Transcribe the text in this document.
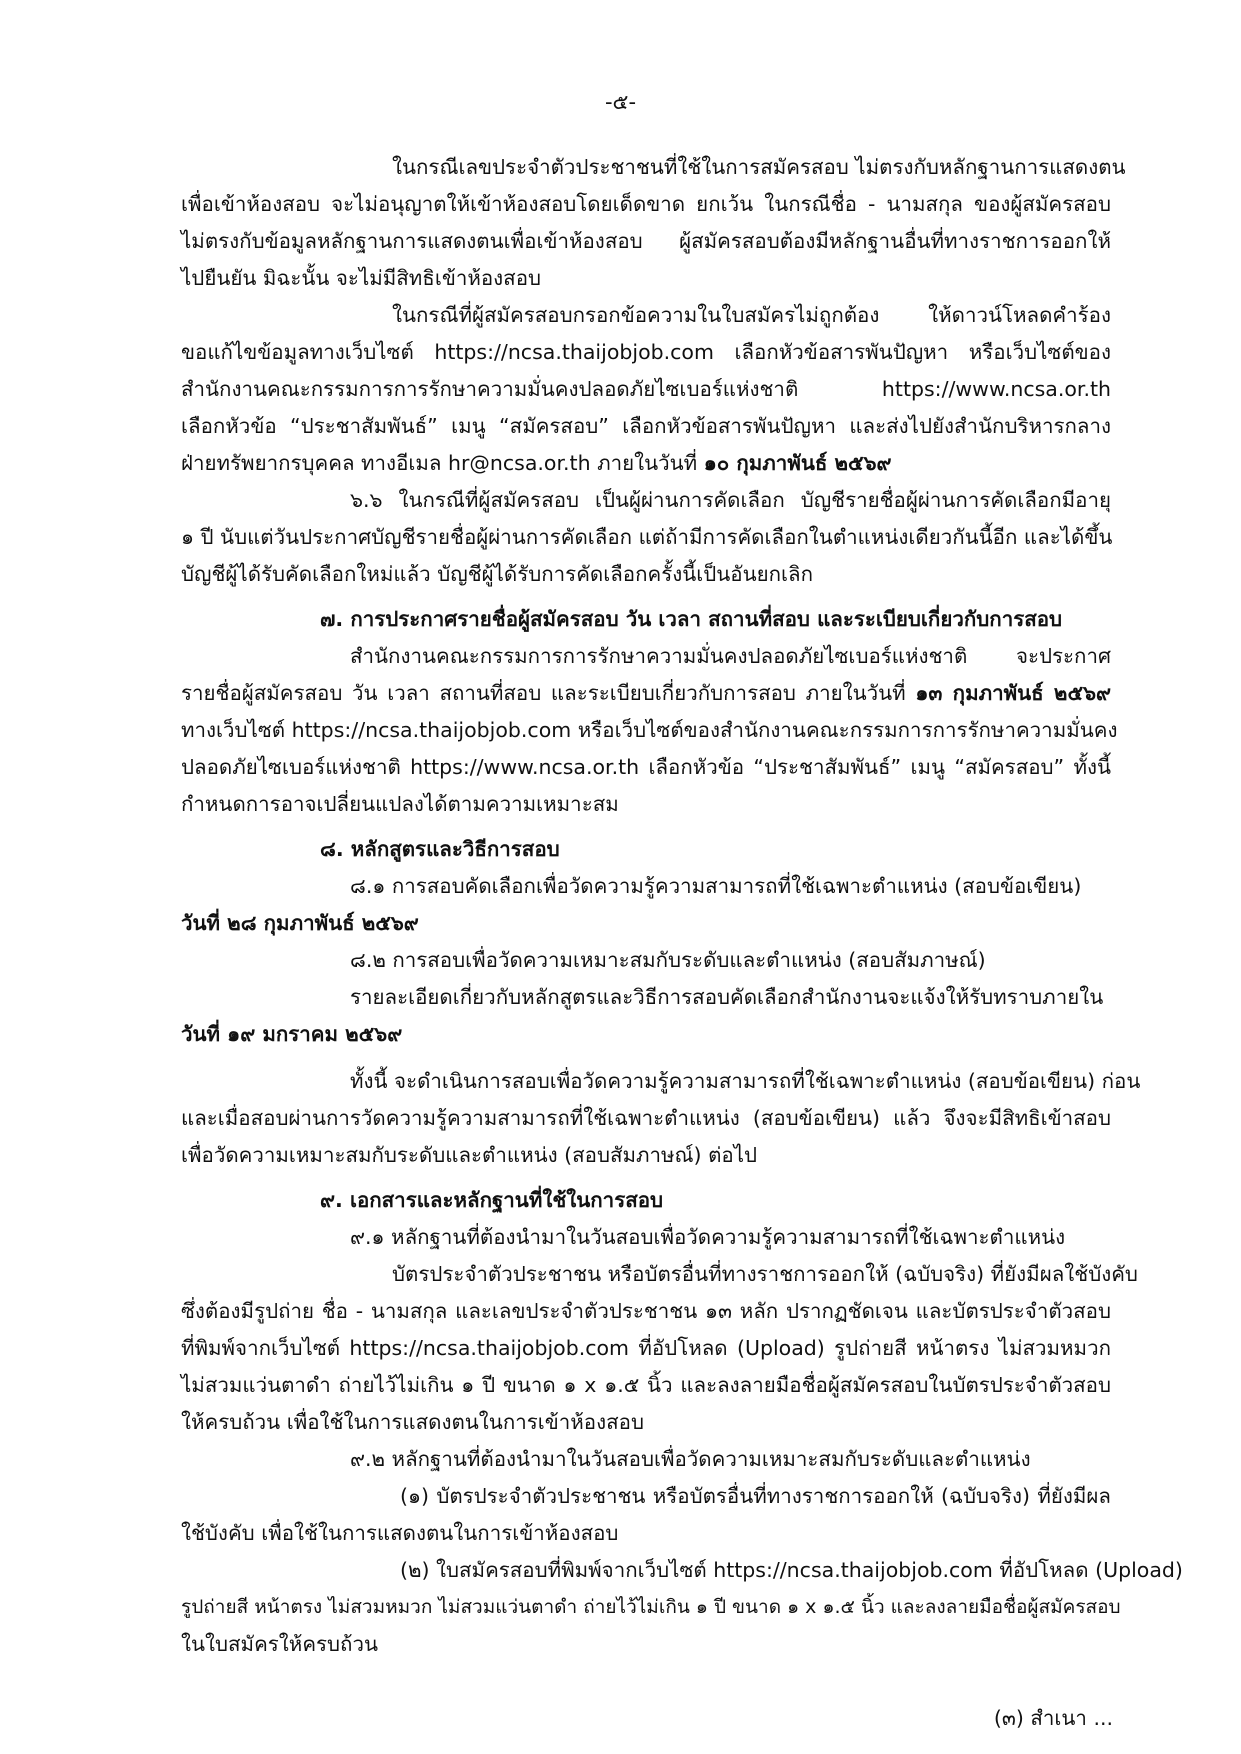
-๕-
ในกรณีเลขประจำตัวประชาชนที่ใช้ในการสมัครสอบ ไม่ตรงกับหลักฐานการแสดงตน
เพื่อเข้าห้องสอบ จะไม่อนุญาตให้เข้าห้องสอบโดยเด็ดขาด ยกเว้น ในกรณีชื่อ - นามสกุล ของผู้สมัครสอบ
ไม่ตรงกับข้อมูลหลักฐานการแสดงตนเพื่อเข้าห้องสอบ ผู้สมัครสอบต้องมีหลักฐานอื่นที่ทางราชการออกให้
ไปยืนยัน มิฉะนั้น จะไม่มีสิทธิเข้าห้องสอบ
ในกรณีที่ผู้สมัครสอบกรอกข้อความในใบสมัครไม่ถูกต้อง ให้ดาวน์โหลดคำร้อง
ขอแก้ไขข้อมูลทางเว็บไซต์ https://ncsa.thaijobjob.com เลือกหัวข้อสารพันปัญหา หรือเว็บไซต์ของ
สำนักงานคณะกรรมการการรักษาความมั่นคงปลอดภัยไซเบอร์แห่งชาติ https://www.ncsa.or.th
เลือกหัวข้อ “ประชาสัมพันธ์” เมนู “สมัครสอบ” เลือกหัวข้อสารพันปัญหา และส่งไปยังสำนักบริหารกลาง
ฝ่ายทรัพยากรบุคคล ทางอีเมล hr@ncsa.or.th ภายในวันที่ ๑๐ กุมภาพันธ์ ๒๕๖๙
๖.๖ ในกรณีที่ผู้สมัครสอบ เป็นผู้ผ่านการคัดเลือก บัญชีรายชื่อผู้ผ่านการคัดเลือกมีอายุ
๑ ปี นับแต่วันประกาศบัญชีรายชื่อผู้ผ่านการคัดเลือก แต่ถ้ามีการคัดเลือกในตำแหน่งเดียวกันนี้อีก และได้ขึ้น
บัญชีผู้ได้รับคัดเลือกใหม่แล้ว บัญชีผู้ได้รับการคัดเลือกครั้งนี้เป็นอันยกเลิก
๗. การประกาศรายชื่อผู้สมัครสอบ วัน เวลา สถานที่สอบ และระเบียบเกี่ยวกับการสอบ
สำนักงานคณะกรรมการการรักษาความมั่นคงปลอดภัยไซเบอร์แห่งชาติ จะประกาศ
รายชื่อผู้สมัครสอบ วัน เวลา สถานที่สอบ และระเบียบเกี่ยวกับการสอบ ภายในวันที่ ๑๓ กุมภาพันธ์ ๒๕๖๙
ทางเว็บไซต์ https://ncsa.thaijobjob.com หรือเว็บไซต์ของสำนักงานคณะกรรมการการรักษาความมั่นคง
ปลอดภัยไซเบอร์แห่งชาติ https://www.ncsa.or.th เลือกหัวข้อ “ประชาสัมพันธ์” เมนู “สมัครสอบ” ทั้งนี้
กำหนดการอาจเปลี่ยนแปลงได้ตามความเหมาะสม
๘. หลักสูตรและวิธีการสอบ
๘.๑ การสอบคัดเลือกเพื่อวัดความรู้ความสามารถที่ใช้เฉพาะตำแหน่ง (สอบข้อเขียน)
วันที่ ๒๘ กุมภาพันธ์ ๒๕๖๙
๘.๒ การสอบเพื่อวัดความเหมาะสมกับระดับและตำแหน่ง (สอบสัมภาษณ์)
รายละเอียดเกี่ยวกับหลักสูตรและวิธีการสอบคัดเลือกสำนักงานจะแจ้งให้รับทราบภายใน
วันที่ ๑๙ มกราคม ๒๕๖๙
ทั้งนี้ จะดำเนินการสอบเพื่อวัดความรู้ความสามารถที่ใช้เฉพาะตำแหน่ง (สอบข้อเขียน) ก่อน
และเมื่อสอบผ่านการวัดความรู้ความสามารถที่ใช้เฉพาะตำแหน่ง (สอบข้อเขียน) แล้ว จึงจะมีสิทธิเข้าสอบ
เพื่อวัดความเหมาะสมกับระดับและตำแหน่ง (สอบสัมภาษณ์) ต่อไป
๙. เอกสารและหลักฐานที่ใช้ในการสอบ
๙.๑ หลักฐานที่ต้องนำมาในวันสอบเพื่อวัดความรู้ความสามารถที่ใช้เฉพาะตำแหน่ง
บัตรประจำตัวประชาชน หรือบัตรอื่นที่ทางราชการออกให้ (ฉบับจริง) ที่ยังมีผลใช้บังคับ
ซึ่งต้องมีรูปถ่าย ชื่อ - นามสกุล และเลขประจำตัวประชาชน ๑๓ หลัก ปรากฏชัดเจน และบัตรประจำตัวสอบ
ที่พิมพ์จากเว็บไซต์ https://ncsa.thaijobjob.com ที่อัปโหลด (Upload) รูปถ่ายสี หน้าตรง ไม่สวมหมวก
ไม่สวมแว่นตาดำ ถ่ายไว้ไม่เกิน ๑ ปี ขนาด ๑ x ๑.๕ นิ้ว และลงลายมือชื่อผู้สมัครสอบในบัตรประจำตัวสอบ
ให้ครบถ้วน เพื่อใช้ในการแสดงตนในการเข้าห้องสอบ
๙.๒ หลักฐานที่ต้องนำมาในวันสอบเพื่อวัดความเหมาะสมกับระดับและตำแหน่ง
(๑) บัตรประจำตัวประชาชน หรือบัตรอื่นที่ทางราชการออกให้ (ฉบับจริง) ที่ยังมีผล
ใช้บังคับ เพื่อใช้ในการแสดงตนในการเข้าห้องสอบ
(๒) ใบสมัครสอบที่พิมพ์จากเว็บไซต์ https://ncsa.thaijobjob.com ที่อัปโหลด (Upload)
รูปถ่ายสี หน้าตรง ไม่สวมหมวก ไม่สวมแว่นตาดำ ถ่ายไว้ไม่เกิน ๑ ปี ขนาด ๑ x ๑.๕ นิ้ว และลงลายมือชื่อผู้สมัครสอบ
ในใบสมัครให้ครบถ้วน
(๓) สำเนา ...
